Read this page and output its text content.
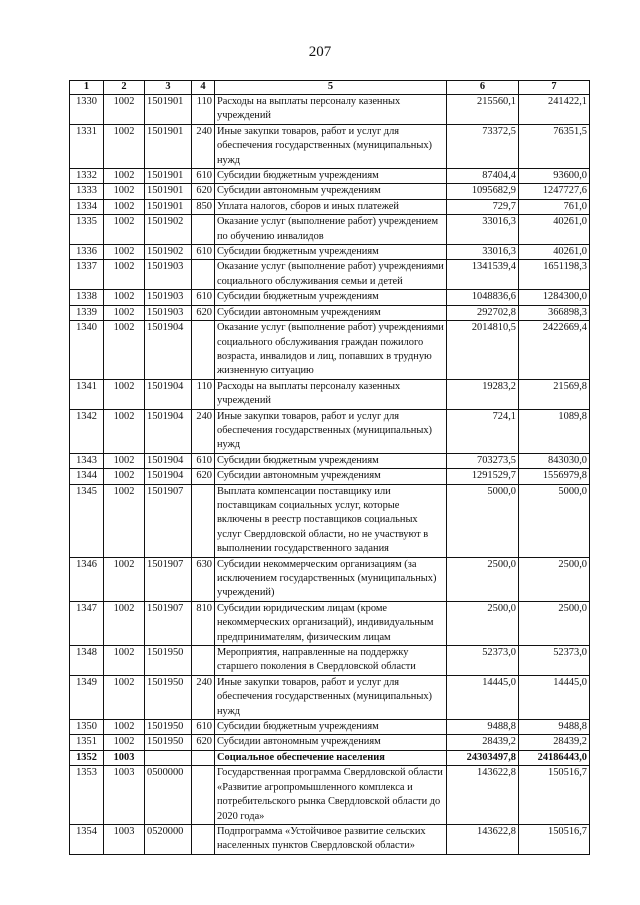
207
1	2	3	4	5	6	7
1330	1002	1501901	110	Расходы на выплаты персоналу казенных учреждений	215560,1	241422,1
1331	1002	1501901	240	Иные закупки товаров, работ и услуг для обеспечения государственных (муниципальных) нужд	73372,5	76351,5
1332	1002	1501901	610	Субсидии бюджетным учреждениям	87404,4	93600,0
1333	1002	1501901	620	Субсидии автономным учреждениям	1095682,9	1247727,6
1334	1002	1501901	850	Уплата налогов, сборов и иных платежей	729,7	761,0
1335	1002	1501902		Оказание услуг (выполнение работ) учреждением по обучению инвалидов	33016,3	40261,0
1336	1002	1501902	610	Субсидии бюджетным учреждениям	33016,3	40261,0
1337	1002	1501903		Оказание услуг (выполнение работ) учреждениями социального обслуживания семьи и детей	1341539,4	1651198,3
1338	1002	1501903	610	Субсидии бюджетным учреждениям	1048836,6	1284300,0
1339	1002	1501903	620	Субсидии автономным учреждениям	292702,8	366898,3
1340	1002	1501904		Оказание услуг (выполнение работ) учреждениями социального обслуживания граждан пожилого возраста, инвалидов и лиц, попавших в трудную жизненную ситуацию	2014810,5	2422669,4
1341	1002	1501904	110	Расходы на выплаты персоналу казенных учреждений	19283,2	21569,8
1342	1002	1501904	240	Иные закупки товаров, работ и услуг для обеспечения государственных (муниципальных) нужд	724,1	1089,8
1343	1002	1501904	610	Субсидии бюджетным учреждениям	703273,5	843030,0
1344	1002	1501904	620	Субсидии автономным учреждениям	1291529,7	1556979,8
1345	1002	1501907		Выплата компенсации поставщику или поставщикам социальных услуг, которые включены в реестр поставщиков социальных услуг Свердловской области, но не участвуют в выполнении государственного задания	5000,0	5000,0
1346	1002	1501907	630	Субсидии некоммерческим организациям (за исключением государственных (муниципальных) учреждений)	2500,0	2500,0
1347	1002	1501907	810	Субсидии юридическим лицам (кроме некоммерческих организаций), индивидуальным предпринимателям, физическим лицам	2500,0	2500,0
1348	1002	1501950		Мероприятия, направленные на поддержку старшего поколения в Свердловской области	52373,0	52373,0
1349	1002	1501950	240	Иные закупки товаров, работ и услуг для обеспечения государственных (муниципальных) нужд	14445,0	14445,0
1350	1002	1501950	610	Субсидии бюджетным учреждениям	9488,8	9488,8
1351	1002	1501950	620	Субсидии автономным учреждениям	28439,2	28439,2
1352	1003			Социальное обеспечение населения	24303497,8	24186443,0
1353	1003	0500000		Государственная программа Свердловской области «Развитие агропромышленного комплекса и потребительского рынка Свердловской области до 2020 года»	143622,8	150516,7
1354	1003	0520000		Подпрограмма «Устойчивое развитие сельских населенных пунктов Свердловской области»	143622,8	150516,7
